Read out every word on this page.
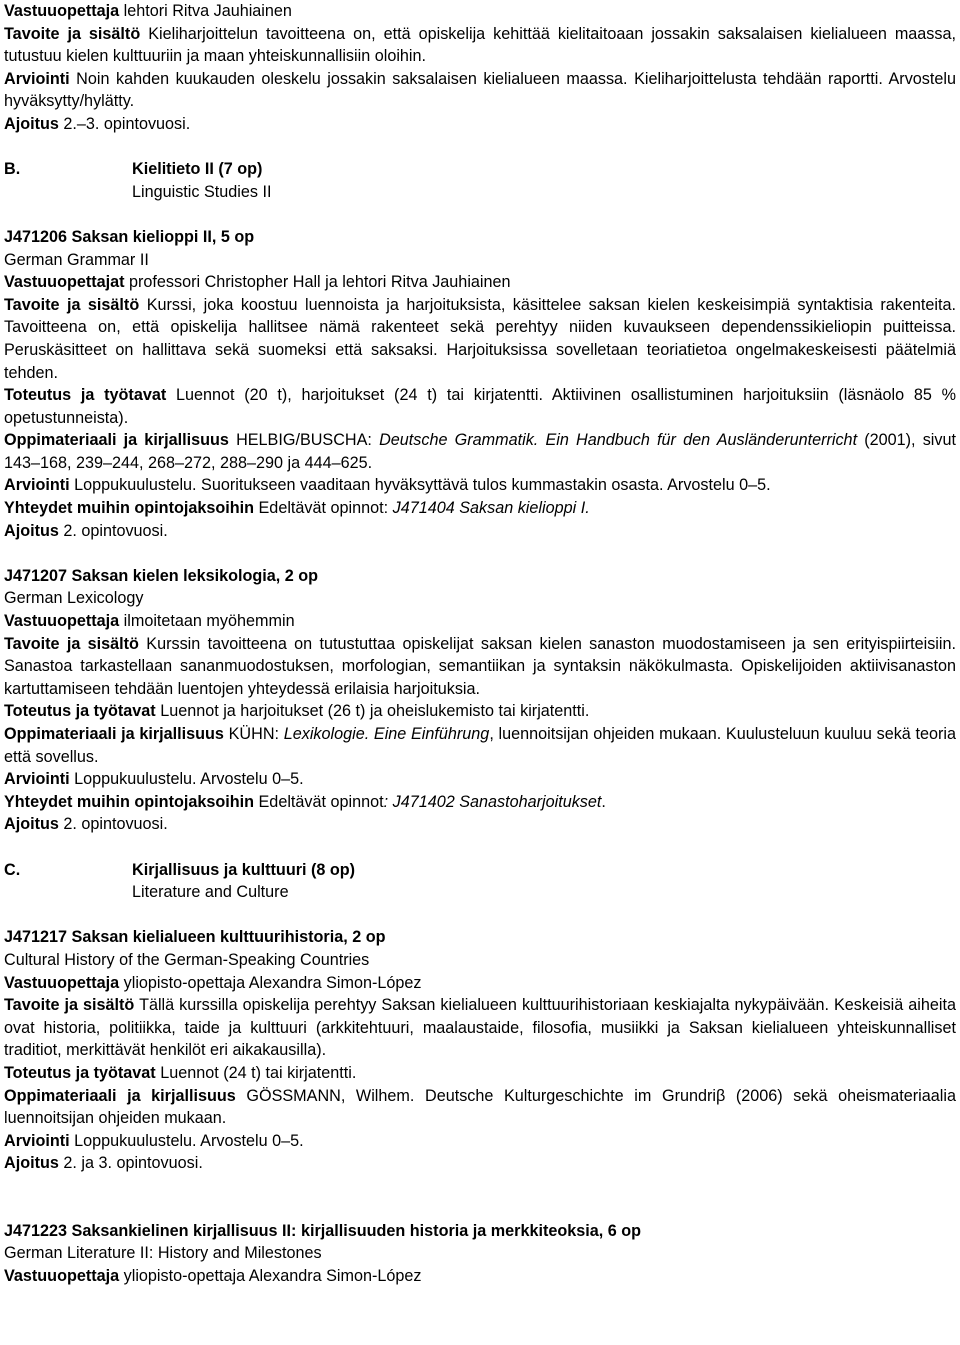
Vastuuopettaja lehtori Ritva Jauhiainen

Tavoite ja sisältö Kieliharjoittelun tavoitteena on, että opiskelija kehittää kielitaitoaan jossakin saksalaisen kielialueen maassa, tutustuu kielen kulttuuriin ja maan yhteiskunnallisiin oloihin.

Arviointi Noin kahden kuukauden oleskelu jossakin saksalaisen kielialueen maassa. Kieliharjoittelusta tehdään raportti. Arvostelu hyväksytty/hylätty.

Ajoitus 2.–3. opintovuosi.

B.	Kielitieto II (7 op)

Linguistic Studies II

J471206 Saksan kielioppi II, 5 op

German Grammar II

Vastuuopettajat professori Christopher Hall ja lehtori Ritva Jauhiainen

Tavoite ja sisältö Kurssi, joka koostuu luennoista ja harjoituksista, käsittelee saksan kielen keskeisimpiä syntaktisia rakenteita. Tavoitteena on, että opiskelija hallitsee nämä rakenteet sekä perehtyy niiden kuvaukseen dependenssikieliopin puitteissa. Peruskäsitteet on hallittava sekä suomeksi että saksaksi. Harjoituksissa sovelletaan teoriatietoa ongelmakeskeisesti päätelmiä tehden.

Toteutus ja työtavat Luennot (20 t), harjoitukset (24 t) tai kirjatentti. Aktiivinen osallistuminen harjoituksiin (läsnäolo 85 % opetustunneista).

Oppimateriaali ja kirjallisuus HELBIG/BUSCHA: Deutsche Grammatik. Ein Handbuch für den Ausländerunterricht (2001), sivut 143–168, 239–244, 268–272, 288–290 ja 444–625.

Arviointi Loppukuulustelu. Suoritukseen vaaditaan hyväksyttävä tulos kummastakin osasta. Arvostelu 0–5.

Yhteydet muihin opintojaksoihin Edeltävät opinnot: J471404 Saksan kielioppi I.

Ajoitus 2. opintovuosi.

J471207 Saksan kielen leksikologia, 2 op

German Lexicology

Vastuuopettaja ilmoitetaan myöhemmin

Tavoite ja sisältö Kurssin tavoitteena on tutustuttaa opiskelijat saksan kielen sanaston muodostamiseen ja sen erityispiirteisiin. Sanastoa tarkastellaan sananmuodostuksen, morfologian, semantiikan ja syntaksin näkökulmasta. Opiskelijoiden aktiivisanaston kartuttamiseen tehdään luentojen yhteydessä erilaisia harjoituksia.

Toteutus ja työtavat Luennot ja harjoitukset (26 t) ja oheislukemisto tai kirjatentti.

Oppimateriaali ja kirjallisuus KÜHN: Lexikologie. Eine Einführung, luennoitsijan ohjeiden mukaan. Kuulusteluun kuuluu sekä teoria että sovellus.

Arviointi Loppukuulustelu. Arvostelu 0–5.

Yhteydet muihin opintojaksoihin Edeltävät opinnot: J471402 Sanastoharjoitukset.

Ajoitus 2. opintovuosi.

C.	Kirjallisuus ja kulttuuri (8 op)

Literature and Culture

J471217 Saksan kielialueen kulttuurihistoria, 2 op

Cultural History of the German-Speaking Countries

Vastuuopettaja yliopisto-opettaja Alexandra Simon-López

Tavoite ja sisältö Tällä kurssilla opiskelija perehtyy Saksan kielialueen kulttuurihistoriaan keskiajalta nykypäivään. Keskeisiä aiheita ovat historia, politiikka, taide ja kulttuuri (arkkitehtuuri, maalaustaide, filosofia, musiikki ja Saksan kielialueen yhteiskunnalliset traditiot, merkittävät henkilöt eri aikakausilla).

Toteutus ja työtavat Luennot (24 t) tai kirjatentti.

Oppimateriaali ja kirjallisuus GÖSSMANN, Wilhem. Deutsche Kulturgeschichte im Grundriβ (2006) sekä oheismateriaalia luennoitsijan ohjeiden mukaan.

Arviointi Loppukuulustelu. Arvostelu 0–5.

Ajoitus 2. ja 3. opintovuosi.

J471223 Saksankielinen kirjallisuus II: kirjallisuuden historia ja merkkiteoksia, 6 op

German Literature II: History and Milestones

Vastuuopettaja yliopisto-opettaja Alexandra Simon-López
